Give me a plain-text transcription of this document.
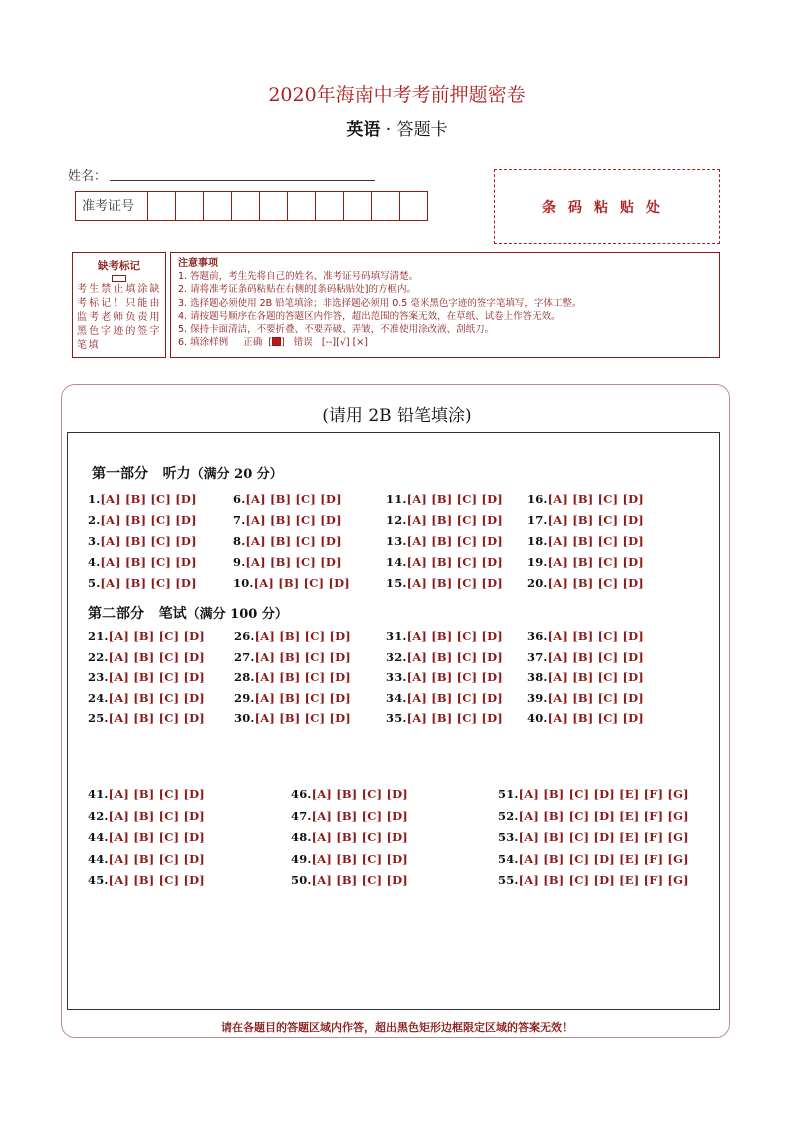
2020年海南中考考前押题密卷
英语 · 答题卡
姓名：
准考证号	条码粘贴处
缺考标记
考生禁止填涂缺考标记！只能由监考老师负责用黑色字迹的签字笔填
注意事项
1. 答题前，考生先将自己的姓名、准考证号码填写清楚。
2. 请将准考证条码粘贴在右侧的[条码粘贴处]的方框内。
3. 选择题必须使用 2B 铅笔填涂；非选择题必须用 0.5 毫米黑色字迹的签字笔填写，字体工整。
4. 请按题号顺序在各题的答题区内作答，超出范围的答案无效，在草纸、试卷上作答无效。
5. 保持卡面清洁，不要折叠、不要弄破、弄皱，不准使用涂改液、刮纸刀。
6. 填涂样例 正确 [ ] 错误 [--][√] [×]
(请用 2B 铅笔填涂)
第一部分 听力（满分 20 分）
第二部分 笔试（满分 100 分）
1.[A] [B] [C] [D]
2.[A] [B] [C] [D]
3.[A] [B] [C] [D]
4.[A] [B] [C] [D]
5.[A] [B] [C] [D]
6.[A] [B] [C] [D]
7.[A] [B] [C] [D]
8.[A] [B] [C] [D]
9.[A] [B] [C] [D]
10.[A] [B] [C] [D]
11.[A] [B] [C] [D]
12.[A] [B] [C] [D]
13.[A] [B] [C] [D]
14.[A] [B] [C] [D]
15.[A] [B] [C] [D]
16.[A] [B] [C] [D]
17.[A] [B] [C] [D]
18.[A] [B] [C] [D]
19.[A] [B] [C] [D]
20.[A] [B] [C] [D]
21.[A] [B] [C] [D]
22.[A] [B] [C] [D]
23.[A] [B] [C] [D]
24.[A] [B] [C] [D]
25.[A] [B] [C] [D]
26.[A] [B] [C] [D]
27.[A] [B] [C] [D]
28.[A] [B] [C] [D]
29.[A] [B] [C] [D]
30.[A] [B] [C] [D]
31.[A] [B] [C] [D]
32.[A] [B] [C] [D]
33.[A] [B] [C] [D]
34.[A] [B] [C] [D]
35.[A] [B] [C] [D]
36.[A] [B] [C] [D]
37.[A] [B] [C] [D]
38.[A] [B] [C] [D]
39.[A] [B] [C] [D]
40.[A] [B] [C] [D]
41.[A] [B] [C] [D]
42.[A] [B] [C] [D]
44.[A] [B] [C] [D]
44.[A] [B] [C] [D]
45.[A] [B] [C] [D]
46.[A] [B] [C] [D]
47.[A] [B] [C] [D]
48.[A] [B] [C] [D]
49.[A] [B] [C] [D]
50.[A] [B] [C] [D]
51.[A] [B] [C] [D] [E] [F] [G]
52.[A] [B] [C] [D] [E] [F] [G]
53.[A] [B] [C] [D] [E] [F] [G]
54.[A] [B] [C] [D] [E] [F] [G]
55.[A] [B] [C] [D] [E] [F] [G]
请在各题目的答题区域内作答，超出黑色矩形边框限定区域的答案无效！
